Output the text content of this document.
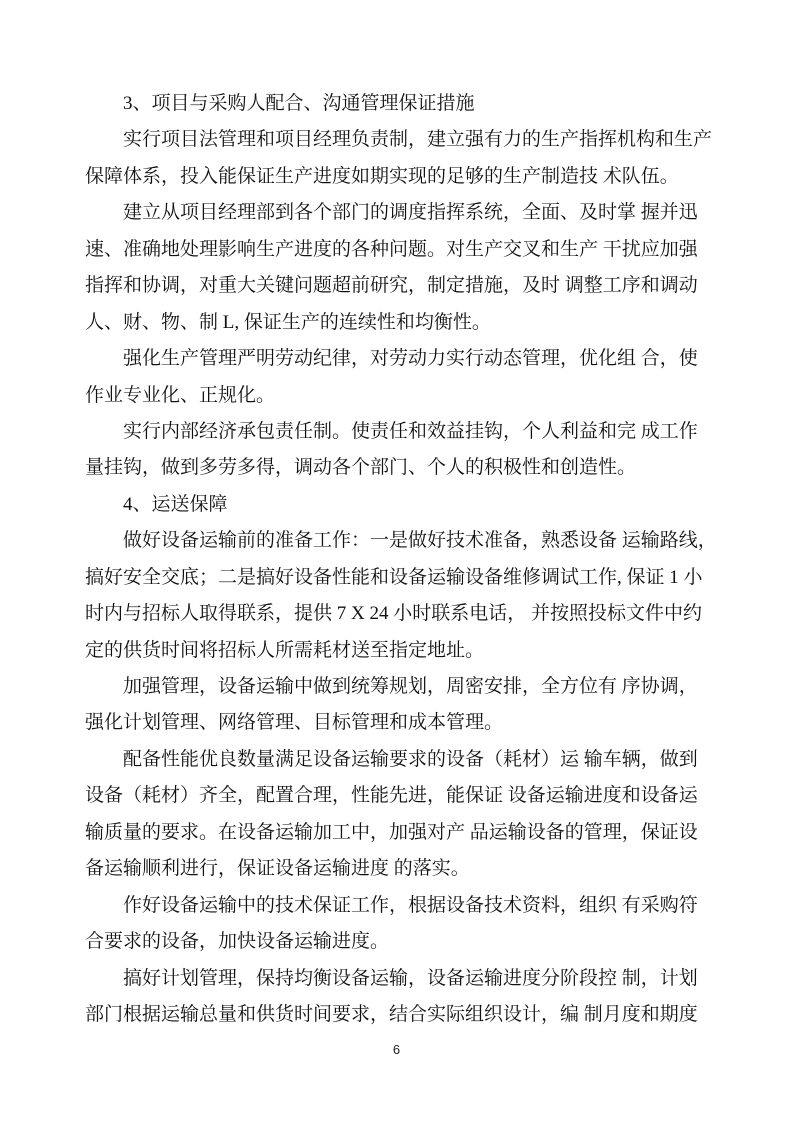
3、项目与采购人配合、沟通管理保证措施
实行项目法管理和项目经理负责制，建立强有力的生产指挥机构和生产
保障体系，投入能保证生产进度如期实现的足够的生产制造技 术队伍。
建立从项目经理部到各个部门的调度指挥系统，全面、及时掌 握并迅
速、准确地处理影响生产进度的各种问题。对生产交叉和生产 干扰应加强
指挥和协调，对重大关键问题超前研究，制定措施，及时 调整工序和调动
人、财、物、制 L, 保证生产的连续性和均衡性。
强化生产管理严明劳动纪律，对劳动力实行动态管理，优化组 合，使
作业专业化、正规化。
实行内部经济承包责任制。使责任和效益挂钩，个人利益和完 成工作
量挂钩，做到多劳多得，调动各个部门、个人的积极性和创造性。
4、运送保障
做好设备运输前的准备工作：一是做好技术准备，熟悉设备 运输路线，
搞好安全交底；二是搞好设备性能和设备运输设备维修调试工作, 保证 1 小
时内与招标人取得联系，提供 7 X 24 小时联系电话， 并按照投标文件中约
定的供货时间将招标人所需耗材送至指定地址。
加强管理，设备运输中做到统筹规划，周密安排，全方位有 序协调，
强化计划管理、网络管理、目标管理和成本管理。
配备性能优良数量满足设备运输要求的设备（耗材）运 输车辆，做到
设备（耗材）齐全，配置合理，性能先进，能保证 设备运输进度和设备运
输质量的要求。在设备运输加工中，加强对产 品运输设备的管理，保证设
备运输顺利进行，保证设备运输进度 的落实。
作好设备运输中的技术保证工作，根据设备技术资料，组织 有采购符
合要求的设备，加快设备运输进度。
搞好计划管理，保持均衡设备运输，设备运输进度分阶段控 制，计划
部门根据运输总量和供货时间要求，结合实际组织设计，编 制月度和期度
6
